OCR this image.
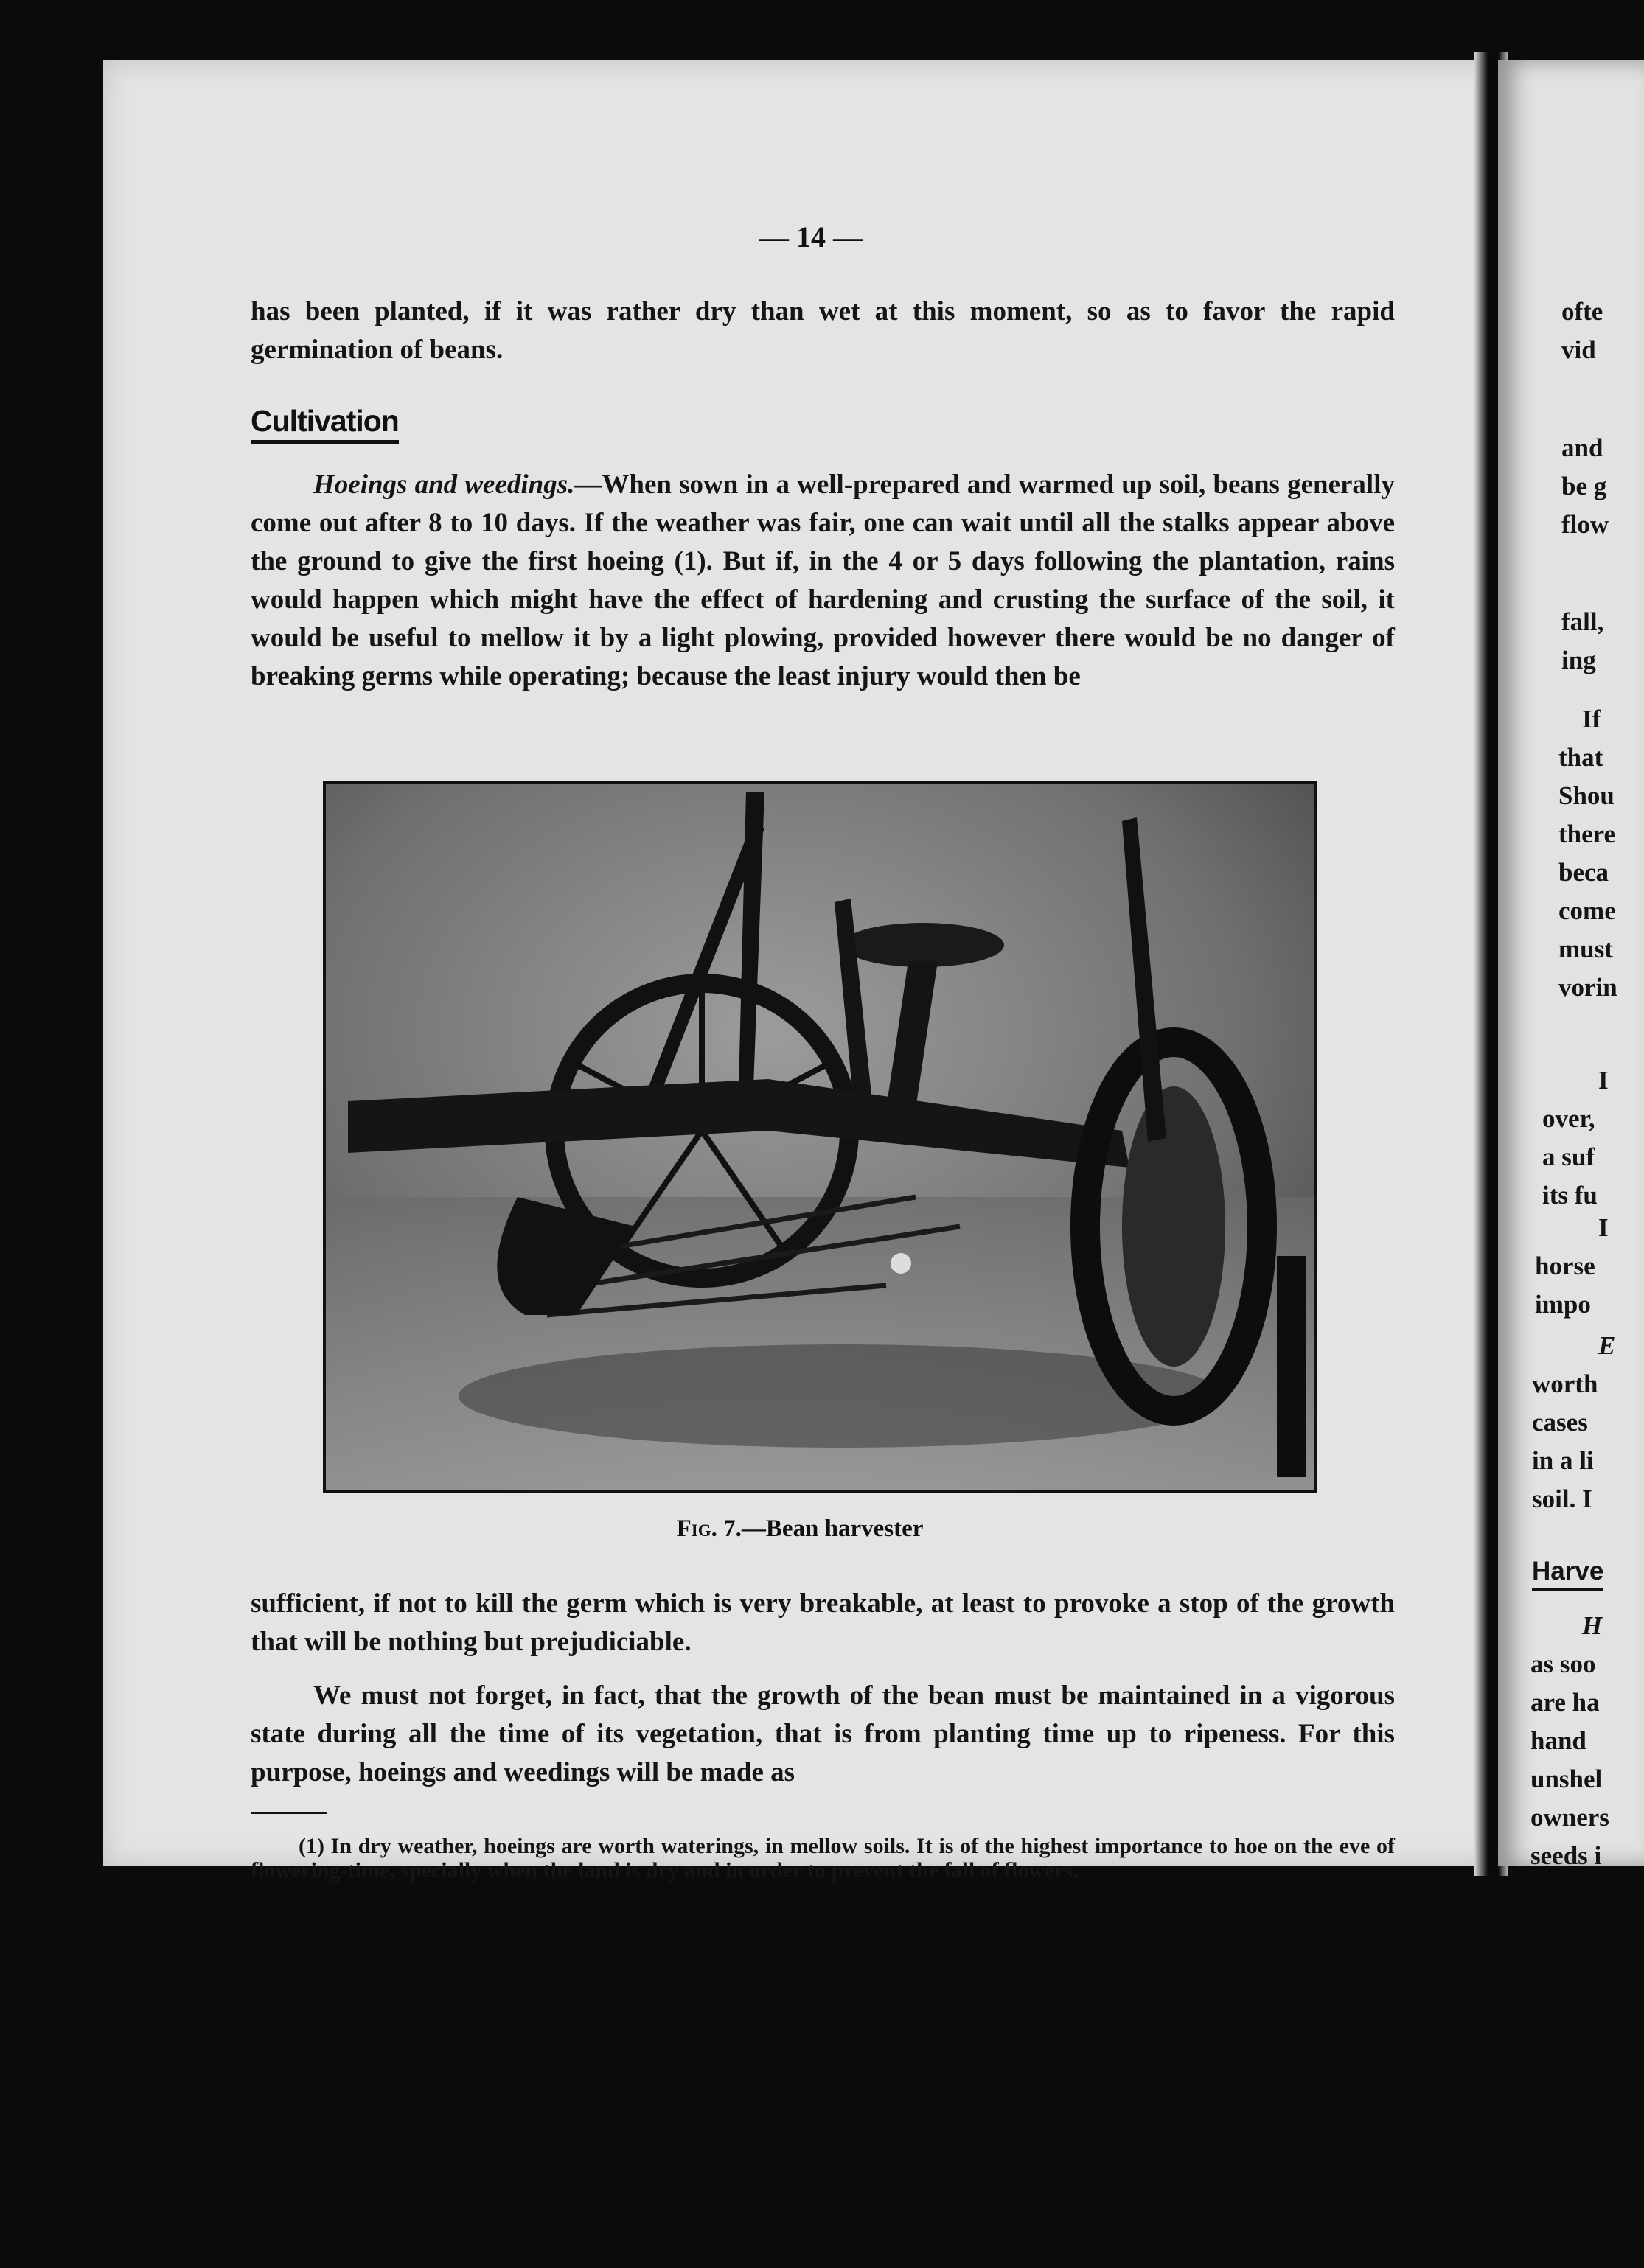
— 14 —

has been planted, if it was rather dry than wet at this moment, so as to favor the rapid germination of beans.

Cultivation

Hoeings and weedings.—When sown in a well-prepared and warmed up soil, beans generally come out after 8 to 10 days. If the weather was fair, one can wait until all the stalks appear above the ground to give the first hoeing (1). But if, in the 4 or 5 days following the plantation, rains would happen which might have the effect of hardening and crusting the surface of the soil, it would be useful to mellow it by a light plowing, provided however there would be no danger of breaking germs while operating; because the least injury would then be

Fig. 7.—Bean harvester

sufficient, if not to kill the germ which is very breakable, at least to provoke a stop of the growth that will be nothing but prejudiciable.

We must not forget, in fact, that the growth of the bean must be maintained in a vigorous state during all the time of its vegetation, that is from planting time up to ripeness. For this purpose, hoeings and weedings will be made as

(1) In dry weather, hoeings are worth waterings, in mellow soils. It is of the highest importance to hoe on the eve of flowering-time, specially when the land is dry and in order to prevent the fall of flowers.
ofte
vid
and
be g
flow
fall,
ing
If
that
Shou
there
beca
come
must
vorin
I
over,
a suf
its fu
I
horse
impo
E
worth
cases
in a li
soil. I
Harve
H
as soo
are ha
hand
unshel
owners
seeds i
